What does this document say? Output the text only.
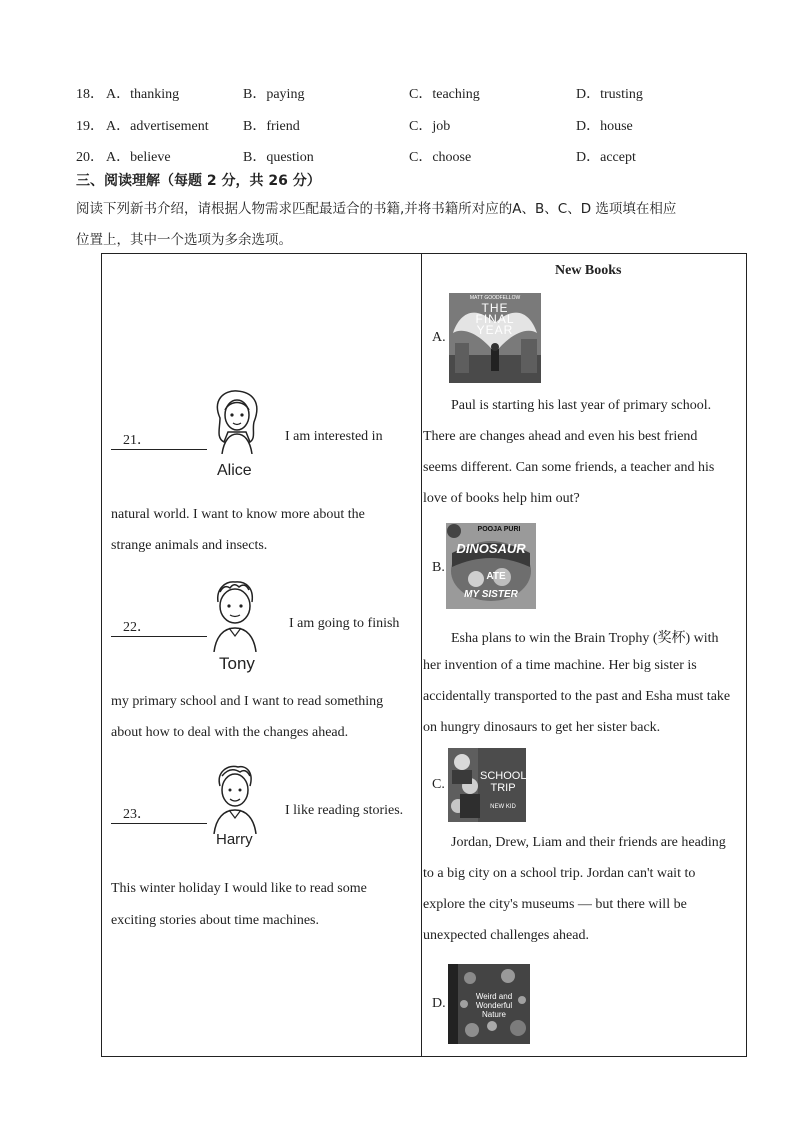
18． A．thanking	B．paying	C．teaching	D．trusting
19． A．advertisement B．friend	C．job	D．house
20． A．believe	B．question	C．choose	D．accept
三、阅读理解（每题 2 分，共 26 分）
阅读下列新书介绍，请根据人物需求匹配最适合的书籍,并将书籍所对应的A、B、C、D 选项填在相应
位置上，其中一个选项为多余选项。
21．
Alice
I am interested in
natural world. I want to know more about the
strange animals and insects.
22．
Tony
I am going to finish
my primary school and I want to read something
about how to deal with the changes ahead.
23．
Harry
I like reading stories.
This winter holiday I would like to read some
exciting stories about time machines.
New Books
A.
MATT GOODFELLOW
THE
FINAL
YEAR
Paul is starting his last year of primary school.
There are changes ahead and even his best friend
seems different. Can some friends, a teacher and his
love of books help him out?
B.
POOJA PURI
DINOSAUR
ATE
MY SISTER
Esha plans to win the Brain Trophy (奖杯) with
her invention of a time machine. Her big sister is
accidentally transported to the past and Esha must take
on hungry dinosaurs to get her sister back.
C.
SCHOOL
TRIP
NEW KID
Jordan, Drew, Liam and their friends are heading
to a big city on a school trip. Jordan can't wait to
explore the city's museums — but there will be
unexpected challenges ahead.
D.	Weird and
Wonderful
Nature
